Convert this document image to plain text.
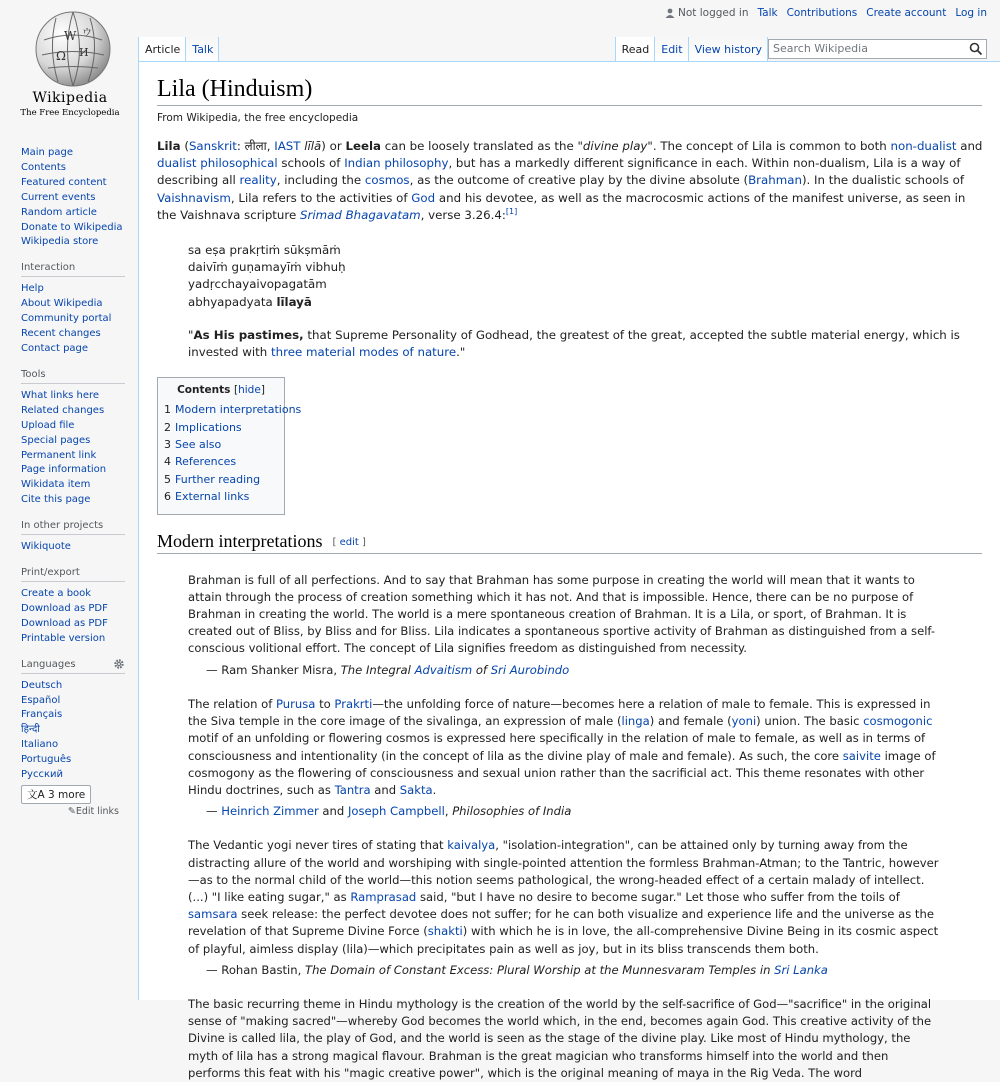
W
Ω И
ウ
Wikipedia
The Free Encyclopedia
Not logged in Talk Contributions Create account Log in
Article	Talk	Read	Edit	View history	Search Wikipedia
Main page
Contents
Featured content
Current events
Random article
Donate to Wikipedia
Wikipedia store
Interaction
Help
About Wikipedia
Community portal
Recent changes
Contact page
Tools
What links here
Related changes
Upload file
Special pages
Permanent link
Page information
Wikidata item
Cite this page
In other projects
Wikiquote
Print/export
Create a book
Download as PDF
Download as PDF
Printable version
Languages
Deutsch
Español
Français
हिन्दी
Italiano
Português
Русский
文A 3 more
✎Edit links
Lila (Hinduism)
From Wikipedia, the free encyclopedia

Lila (Sanskrit: लीला, IAST līlā) or Leela can be loosely translated as the "divine play". The concept of Lila is common to both non-dualist and dualist philosophical schools of Indian philosophy, but has a markedly different significance in each. Within non-dualism, Lila is a way of describing all reality, including the cosmos, as the outcome of creative play by the divine absolute (Brahman). In the dualistic schools of Vaishnavism, Lila refers to the activities of God and his devotee, as well as the macrocosmic actions of the manifest universe, as seen in the Vaishnava scripture Srimad Bhagavatam, verse 3.26.4:[1]

sa eṣa prakṛtiṁ sūkṣmāṁ
daivīṁ guṇamayīṁ vibhuḥ
yadṛcchayaivopagatām
abhyapadyata līlayā

"As His pastimes, that Supreme Personality of Godhead, the greatest of the great, accepted the subtle material energy, which is invested with three material modes of nature."

Contents [hide]
1 Modern interpretations
2 Implications
3 See also
4 References
5 Further reading
6 External links
Modern interpretations [ edit ]

Brahman is full of all perfections. And to say that Brahman has some purpose in creating the world will mean that it wants to attain through the process of creation something which it has not. And that is impossible. Hence, there can be no purpose of Brahman in creating the world. The world is a mere spontaneous creation of Brahman. It is a Lila, or sport, of Brahman. It is created out of Bliss, by Bliss and for Bliss. Lila indicates a spontaneous sportive activity of Brahman as distinguished from a self-conscious volitional effort. The concept of Lila signifies freedom as distinguished from necessity.

— Ram Shanker Misra, The Integral Advaitism of Sri Aurobindo

The relation of Purusa to Prakrti—the unfolding force of nature—becomes here a relation of male to female. This is expressed in the Siva temple in the core image of the sivalinga, an expression of male (linga) and female (yoni) union. The basic cosmogonic motif of an unfolding or flowering cosmos is expressed here specifically in the relation of male to female, as well as in terms of consciousness and intentionality (in the concept of lila as the divine play of male and female). As such, the core saivite image of cosmogony as the flowering of consciousness and sexual union rather than the sacrificial act. This theme resonates with other Hindu doctrines, such as Tantra and Sakta.

— Heinrich Zimmer and Joseph Campbell, Philosophies of India

The Vedantic yogi never tires of stating that kaivalya, "isolation-integration", can be attained only by turning away from the distracting allure of the world and worshiping with single-pointed attention the formless Brahman-Atman; to the Tantric, however—as to the normal child of the world—this notion seems pathological, the wrong-headed effect of a certain malady of intellect. (...) "I like eating sugar," as Ramprasad said, "but I have no desire to become sugar." Let those who suffer from the toils of samsara seek release: the perfect devotee does not suffer; for he can both visualize and experience life and the universe as the revelation of that Supreme Divine Force (shakti) with which he is in love, the all-comprehensive Divine Being in its cosmic aspect of playful, aimless display (lila)—which precipitates pain as well as joy, but in its bliss transcends them both.

— Rohan Bastin, The Domain of Constant Excess: Plural Worship at the Munnesvaram Temples in Sri Lanka

The basic recurring theme in Hindu mythology is the creation of the world by the self-sacrifice of God—"sacrifice" in the original sense of "making sacred"—whereby God becomes the world which, in the end, becomes again God. This creative activity of the Divine is called lila, the play of God, and the world is seen as the stage of the divine play. Like most of Hindu mythology, the myth of lila has a strong magical flavour. Brahman is the great magician who transforms himself into the world and then performs this feat with his "magic creative power", which is the original meaning of maya in the Rig Veda. The word
